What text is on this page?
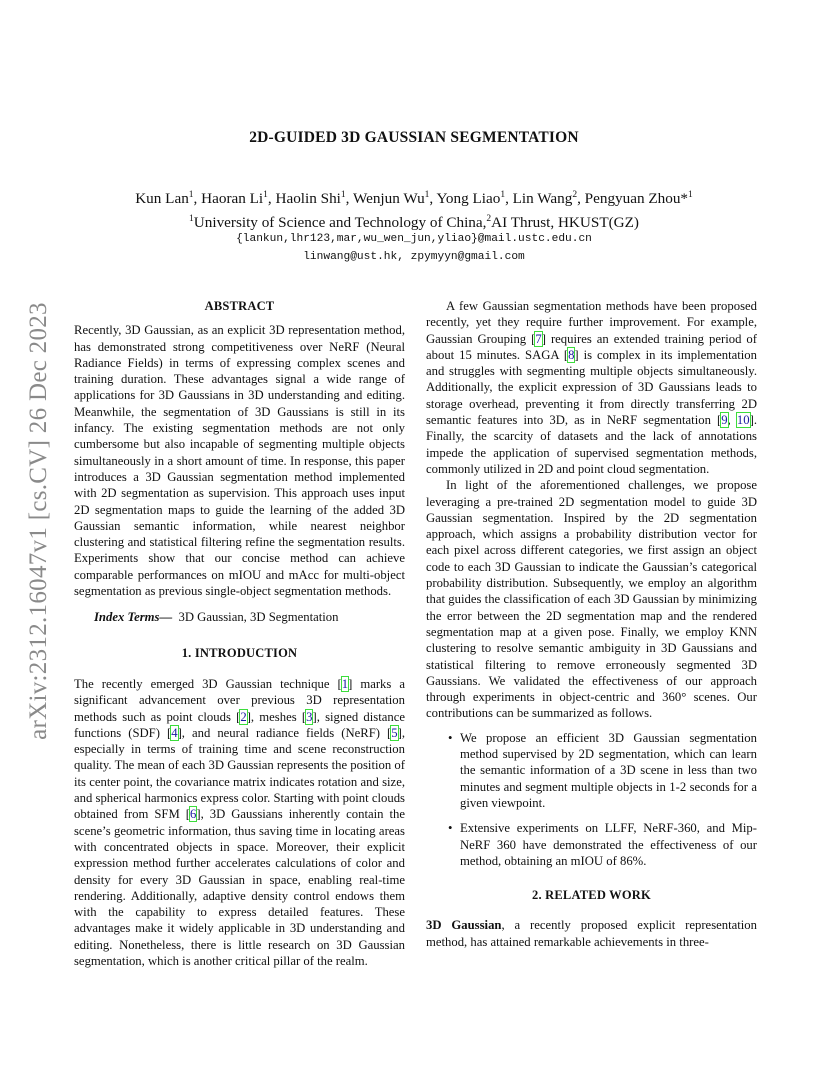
arXiv:2312.16047v1 [cs.CV] 26 Dec 2023
2D-GUIDED 3D GAUSSIAN SEGMENTATION
Kun Lan$^1$, Haoran Li$^1$, Haolin Shi$^1$, Wenjun Wu$^1$, Yong Liao$^1$, Lin Wang$^2$, Pengyuan Zhou*$^1$
$^1$University of Science and Technology of China,$^2$AI Thrust, HKUST(GZ)
{lankun,lhr123,mar,wu_wen_jun,yliao}@mail.ustc.edu.cn
linwang@ust.hk, zpymyyn@gmail.com
ABSTRACT

Recently, 3D Gaussian, as an explicit 3D representation method, has demonstrated strong competitiveness over NeRF (Neural Radiance Fields) in terms of expressing complex scenes and training duration. These advantages signal a wide range of applications for 3D Gaussians in 3D understanding and editing. Meanwhile, the segmentation of 3D Gaussians is still in its infancy. The existing segmentation methods are not only cumbersome but also incapable of segmenting multiple objects simultaneously in a short amount of time. In response, this paper introduces a 3D Gaussian segmentation method implemented with 2D segmentation as supervision. This approach uses input 2D segmentation maps to guide the learning of the added 3D Gaussian semantic information, while nearest neighbor clustering and statistical filtering refine the segmentation results. Experiments show that our concise method can achieve comparable performances on mIOU and mAcc for multi-object segmentation as previous single-object segmentation methods.

Index Terms— 3D Gaussian, 3D Segmentation

1. INTRODUCTION

The recently emerged 3D Gaussian technique [1] marks a significant advancement over previous 3D representation methods such as point clouds [2], meshes [3], signed distance functions (SDF) [4], and neural radiance fields (NeRF) [5], especially in terms of training time and scene reconstruction quality. The mean of each 3D Gaussian represents the position of its center point, the covariance matrix indicates rotation and size, and spherical harmonics express color. Starting with point clouds obtained from SFM [6], 3D Gaussians inherently contain the scene’s geometric information, thus saving time in locating areas with concentrated objects in space. Moreover, their explicit expression method further accelerates calculations of color and density for every 3D Gaussian in space, enabling real-time rendering. Additionally, adaptive density control endows them with the capability to express detailed features. These advantages make it widely applicable in 3D understanding and editing. Nonetheless, there is little research on 3D Gaussian segmentation, which is another critical pillar of the realm.

A few Gaussian segmentation methods have been proposed recently, yet they require further improvement. For example, Gaussian Grouping [7] requires an extended training period of about 15 minutes. SAGA [8] is complex in its implementation and struggles with segmenting multiple objects simultaneously. Additionally, the explicit expression of 3D Gaussians leads to storage overhead, preventing it from directly transferring 2D semantic features into 3D, as in NeRF segmentation [9, 10]. Finally, the scarcity of datasets and the lack of annotations impede the application of supervised segmentation methods, commonly utilized in 2D and point cloud segmentation.

In light of the aforementioned challenges, we propose leveraging a pre-trained 2D segmentation model to guide 3D Gaussian segmentation. Inspired by the 2D segmentation approach, which assigns a probability distribution vector for each pixel across different categories, we first assign an object code to each 3D Gaussian to indicate the Gaussian’s categorical probability distribution. Subsequently, we employ an algorithm that guides the classification of each 3D Gaussian by minimizing the error between the 2D segmentation map and the rendered segmentation map at a given pose. Finally, we employ KNN clustering to resolve semantic ambiguity in 3D Gaussians and statistical filtering to remove erroneously segmented 3D Gaussians. We validated the effectiveness of our approach through experiments in object-centric and 360° scenes. Our contributions can be summarized as follows.

• We propose an efficient 3D Gaussian segmentation method supervised by 2D segmentation, which can learn the semantic information of a 3D scene in less than two minutes and segment multiple objects in 1-2 seconds for a given viewpoint.

• Extensive experiments on LLFF, NeRF-360, and Mip-NeRF 360 have demonstrated the effectiveness of our method, obtaining an mIOU of 86%.

2. RELATED WORK

3D Gaussian, a recently proposed explicit representation method, has attained remarkable achievements in three-
